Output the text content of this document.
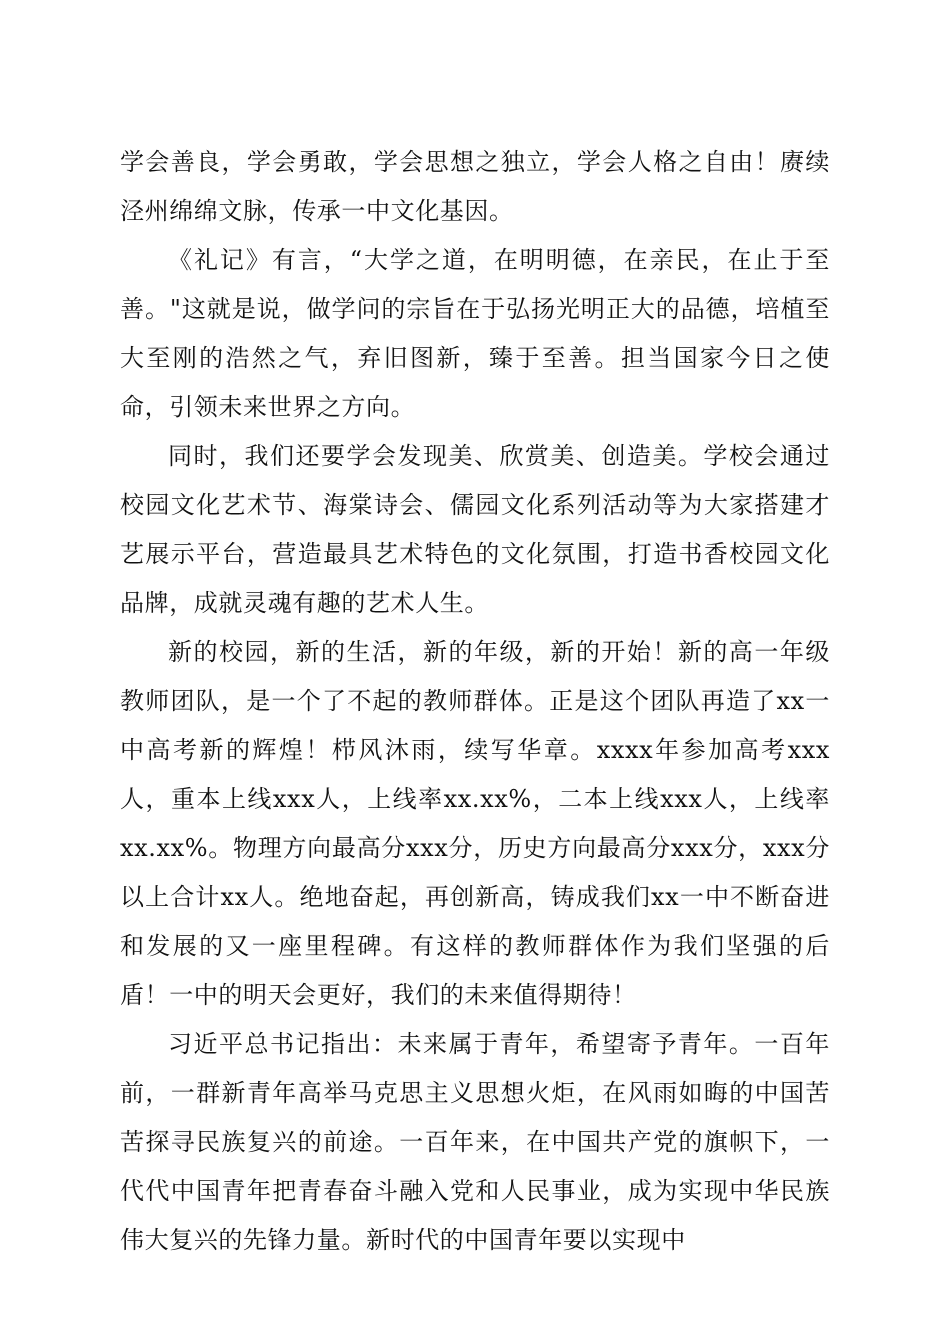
学会善良，学会勇敢，学会思想之独立，学会人格之自由！赓续泾州绵绵文脉，传承一中文化基因。

《礼记》有言，“大学之道，在明明德，在亲民，在止于至善。"这就是说，做学问的宗旨在于弘扬光明正大的品德，培植至大至刚的浩然之气，弃旧图新，臻于至善。担当国家今日之使命，引领未来世界之方向。

同时，我们还要学会发现美、欣赏美、创造美。学校会通过校园文化艺术节、海棠诗会、儒园文化系列活动等为大家搭建才艺展示平台，营造最具艺术特色的文化氛围，打造书香校园文化品牌，成就灵魂有趣的艺术人生。

新的校园，新的生活，新的年级，新的开始！新的高一年级教师团队，是一个了不起的教师群体。正是这个团队再造了xx一中高考新的辉煌！栉风沐雨，续写华章。xxxx年参加高考xxx人，重本上线xxx人，上线率xx.xx%，二本上线xxx人，上线率xx.xx%。物理方向最高分xxx分，历史方向最高分xxx分，xxx分以上合计xx人。绝地奋起，再创新高，铸成我们xx一中不断奋进和发展的又一座里程碑。有这样的教师群体作为我们坚强的后盾！一中的明天会更好，我们的未来值得期待！

习近平总书记指出：未来属于青年，希望寄予青年。一百年前，一群新青年高举马克思主义思想火炬，在风雨如晦的中国苦苦探寻民族复兴的前途。一百年来，在中国共产党的旗帜下，一代代中国青年把青春奋斗融入党和人民事业，成为实现中华民族伟大复兴的先锋力量。新时代的中国青年要以实现中
